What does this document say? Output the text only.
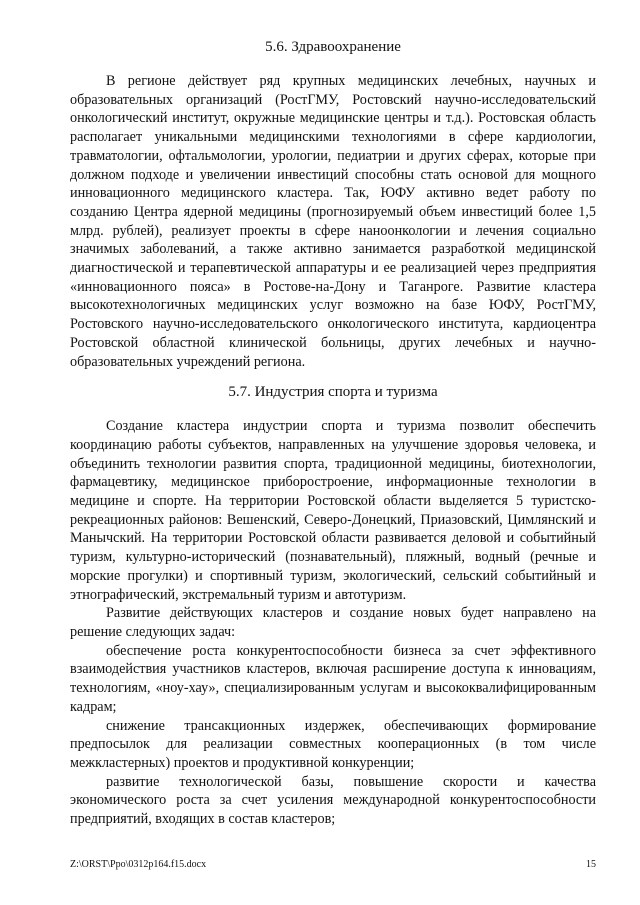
5.6. Здравоохранение

В регионе действует ряд крупных медицинских лечебных, научных и образовательных организаций (РостГМУ, Ростовский научно-исследовательский онкологический институт, окружные медицинские центры и т.д.). Ростовская область располагает уникальными медицинскими технологиями в сфере кардиологии, травматологии, офтальмологии, урологии, педиатрии и других сферах, которые при должном подходе и увеличении инвестиций способны стать основой для мощного инновационного медицинского кластера. Так, ЮФУ активно ведет работу по созданию Центра ядерной медицины (прогнозируемый объем инвестиций более 1,5 млрд. рублей), реализует проекты в сфере наноонкологии и лечения социально значимых заболеваний, а также активно занимается разработкой медицинской диагностической и терапевтической аппаратуры и ее реализацией через предприятия «инновационного пояса» в Ростове-на-Дону и Таганроге. Развитие кластера высокотехнологичных медицинских услуг возможно на базе ЮФУ, РостГМУ, Ростовского научно-исследовательского онкологического института, кардиоцентра Ростовской областной клинической больницы, других лечебных и научно-образовательных учреждений региона.

5.7. Индустрия спорта и туризма

Создание кластера индустрии спорта и туризма позволит обеспечить координацию работы субъектов, направленных на улучшение здоровья человека, и объединить технологии развития спорта, традиционной медицины, биотехнологии, фармацевтику, медицинское приборостроение, информационные технологии в медицине и спорте. На территории Ростовской области выделяется 5 туристско-рекреационных районов: Вешенский, Северо-Донецкий, Приазовский, Цимлянский и Манычский. На территории Ростовской области развивается деловой и событийный туризм, культурно-исторический (познавательный), пляжный, водный (речные и морские прогулки) и спортивный туризм, экологический, сельский событийный и этнографический, экстремальный туризм и автотуризм.

Развитие действующих кластеров и создание новых будет направлено на решение следующих задач:

обеспечение роста конкурентоспособности бизнеса за счет эффективного взаимодействия участников кластеров, включая расширение доступа к инновациям, технологиям, «ноу-хау», специализированным услугам и высококвалифицированным кадрам;

снижение трансакционных издержек, обеспечивающих формирование предпосылок для реализации совместных кооперационных (в том числе межкластерных) проектов и продуктивной конкуренции;

развитие технологической базы, повышение скорости и качества экономического роста за счет усиления международной конкурентоспособности предприятий, входящих в состав кластеров;

Z:\ORST\Ppo\0312p164.f15.docx	15
